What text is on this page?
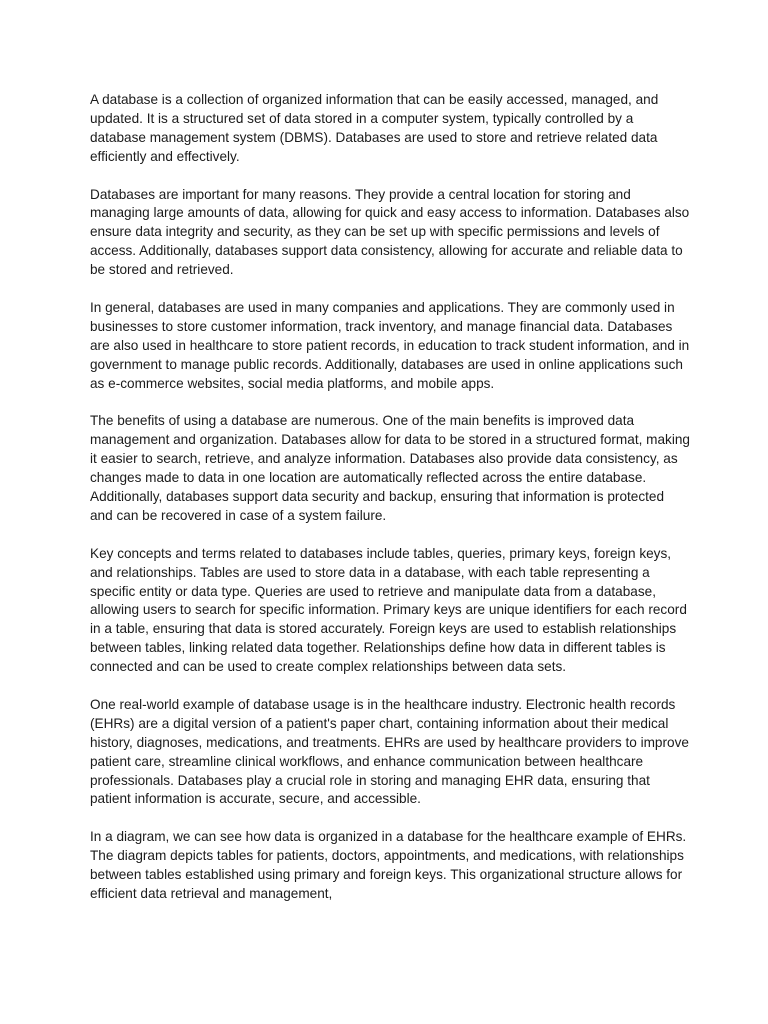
A database is a collection of organized information that can be easily accessed, managed, and updated. It is a structured set of data stored in a computer system, typically controlled by a database management system (DBMS). Databases are used to store and retrieve related data efficiently and effectively.

Databases are important for many reasons. They provide a central location for storing and managing large amounts of data, allowing for quick and easy access to information. Databases also ensure data integrity and security, as they can be set up with specific permissions and levels of access. Additionally, databases support data consistency, allowing for accurate and reliable data to be stored and retrieved.

In general, databases are used in many companies and applications. They are commonly used in businesses to store customer information, track inventory, and manage financial data. Databases are also used in healthcare to store patient records, in education to track student information, and in government to manage public records. Additionally, databases are used in online applications such as e-commerce websites, social media platforms, and mobile apps.

The benefits of using a database are numerous. One of the main benefits is improved data management and organization. Databases allow for data to be stored in a structured format, making it easier to search, retrieve, and analyze information. Databases also provide data consistency, as changes made to data in one location are automatically reflected across the entire database. Additionally, databases support data security and backup, ensuring that information is protected and can be recovered in case of a system failure.

Key concepts and terms related to databases include tables, queries, primary keys, foreign keys, and relationships. Tables are used to store data in a database, with each table representing a specific entity or data type. Queries are used to retrieve and manipulate data from a database, allowing users to search for specific information. Primary keys are unique identifiers for each record in a table, ensuring that data is stored accurately. Foreign keys are used to establish relationships between tables, linking related data together. Relationships define how data in different tables is connected and can be used to create complex relationships between data sets.

One real-world example of database usage is in the healthcare industry. Electronic health records (EHRs) are a digital version of a patient's paper chart, containing information about their medical history, diagnoses, medications, and treatments. EHRs are used by healthcare providers to improve patient care, streamline clinical workflows, and enhance communication between healthcare professionals. Databases play a crucial role in storing and managing EHR data, ensuring that patient information is accurate, secure, and accessible.

In a diagram, we can see how data is organized in a database for the healthcare example of EHRs. The diagram depicts tables for patients, doctors, appointments, and medications, with relationships between tables established using primary and foreign keys. This organizational structure allows for efficient data retrieval and management,
